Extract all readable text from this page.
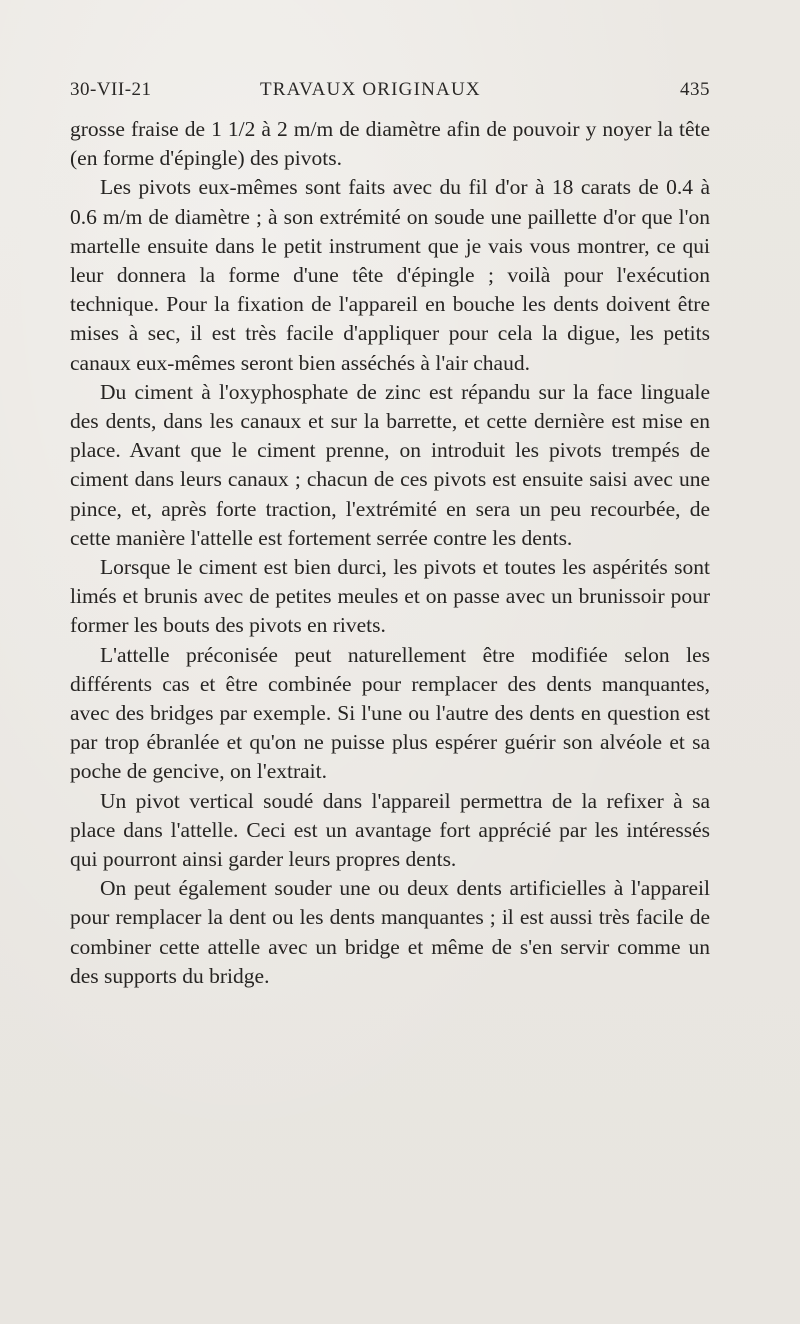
30-VII-21	TRAVAUX ORIGINAUX	435

grosse fraise de 1 1/2 à 2 m/m de diamètre afin de pouvoir y noyer la tête (en forme d'épingle) des pivots.

Les pivots eux-mêmes sont faits avec du fil d'or à 18 carats de 0.4 à 0.6 m/m de diamètre ; à son extrémité on soude une paillette d'or que l'on martelle ensuite dans le petit instrument que je vais vous montrer, ce qui leur donnera la forme d'une tête d'épingle ; voilà pour l'exécution technique. Pour la fixation de l'appareil en bouche les dents doivent être mises à sec, il est très facile d'appliquer pour cela la digue, les petits canaux eux-mêmes seront bien asséchés à l'air chaud.

Du ciment à l'oxyphosphate de zinc est répandu sur la face linguale des dents, dans les canaux et sur la barrette, et cette dernière est mise en place. Avant que le ciment prenne, on introduit les pivots trempés de ciment dans leurs canaux ; chacun de ces pivots est ensuite saisi avec une pince, et, après forte traction, l'extrémité en sera un peu recourbée, de cette manière l'attelle est fortement serrée contre les dents.

Lorsque le ciment est bien durci, les pivots et toutes les aspérités sont limés et brunis avec de petites meules et on passe avec un brunissoir pour former les bouts des pivots en rivets.

L'attelle préconisée peut naturellement être modifiée selon les différents cas et être combinée pour remplacer des dents manquantes, avec des bridges par exemple. Si l'une ou l'autre des dents en question est par trop ébranlée et qu'on ne puisse plus espérer guérir son alvéole et sa poche de gencive, on l'extrait.

Un pivot vertical soudé dans l'appareil permettra de la refixer à sa place dans l'attelle. Ceci est un avantage fort apprécié par les intéressés qui pourront ainsi garder leurs propres dents.

On peut également souder une ou deux dents artificielles à l'appareil pour remplacer la dent ou les dents manquantes ; il est aussi très facile de combiner cette attelle avec un bridge et même de s'en servir comme un des supports du bridge.
